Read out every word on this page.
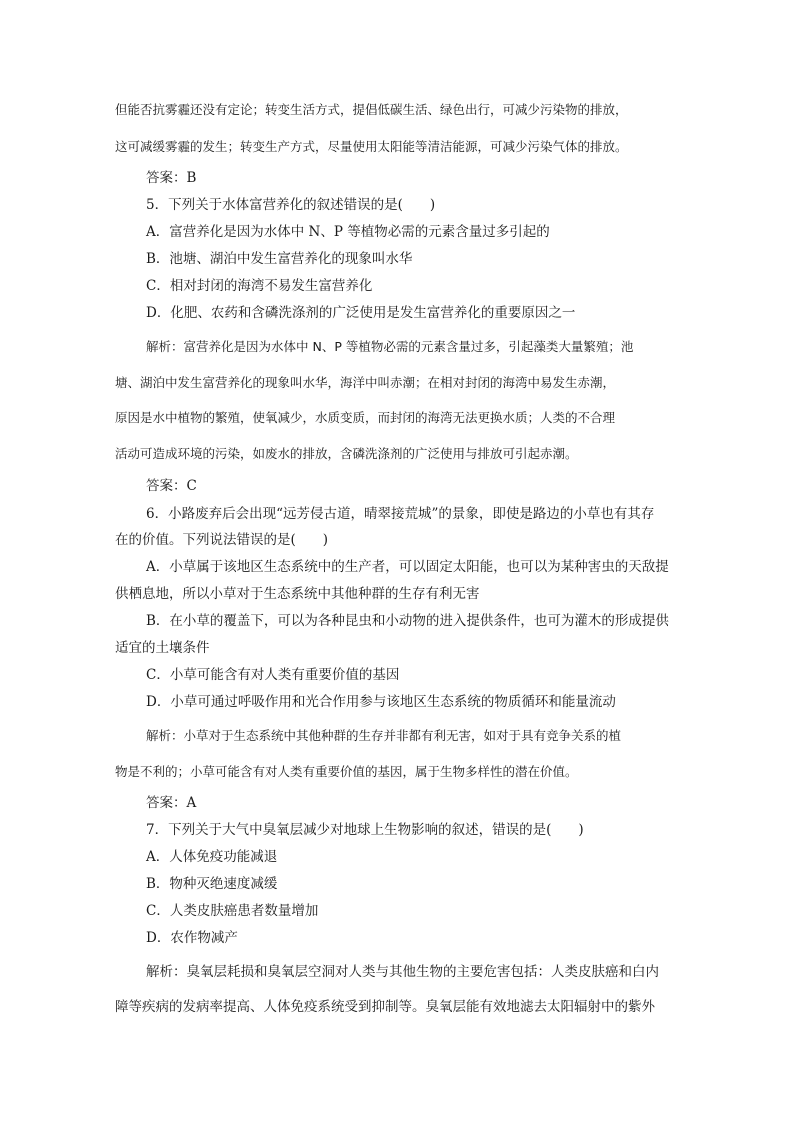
但能否抗雾霾还没有定论；转变生活方式，提倡低碳生活、绿色出行，可减少污染物的排放，
这可减缓雾霾的发生；转变生产方式，尽量使用太阳能等清洁能源，可减少污染气体的排放。
答案：B
5．下列关于水体富营养化的叙述错误的是(　　)
A．富营养化是因为水体中 N、P 等植物必需的元素含量过多引起的
B．池塘、湖泊中发生富营养化的现象叫水华
C．相对封闭的海湾不易发生富营养化
D．化肥、农药和含磷洗涤剂的广泛使用是发生富营养化的重要原因之一
解析：富营养化是因为水体中 N、P 等植物必需的元素含量过多，引起藻类大量繁殖；池
塘、湖泊中发生富营养化的现象叫水华，海洋中叫赤潮；在相对封闭的海湾中易发生赤潮，
原因是水中植物的繁殖，使氧减少，水质变质，而封闭的海湾无法更换水质；人类的不合理
活动可造成环境的污染，如废水的排放，含磷洗涤剂的广泛使用与排放可引起赤潮。
答案：C
6．小路废弃后会出现“远芳侵古道，晴翠接荒城”的景象，即使是路边的小草也有其存
在的价值。下列说法错误的是(　　)
A．小草属于该地区生态系统中的生产者，可以固定太阳能，也可以为某种害虫的天敌提
供栖息地，所以小草对于生态系统中其他种群的生存有利无害
B．在小草的覆盖下，可以为各种昆虫和小动物的进入提供条件，也可为灌木的形成提供
适宜的土壤条件
C．小草可能含有对人类有重要价值的基因
D．小草可通过呼吸作用和光合作用参与该地区生态系统的物质循环和能量流动
解析：小草对于生态系统中其他种群的生存并非都有利无害，如对于具有竞争关系的植
物是不利的；小草可能含有对人类有重要价值的基因，属于生物多样性的潜在价值。
答案：A
7．下列关于大气中臭氧层减少对地球上生物影响的叙述，错误的是(　　)
A．人体免疫功能减退
B．物种灭绝速度减缓
C．人类皮肤癌患者数量增加
D．农作物减产
解析：臭氧层耗损和臭氧层空洞对人类与其他生物的主要危害包括：人类皮肤癌和白内
障等疾病的发病率提高、人体免疫系统受到抑制等。臭氧层能有效地滤去太阳辐射中的紫外
